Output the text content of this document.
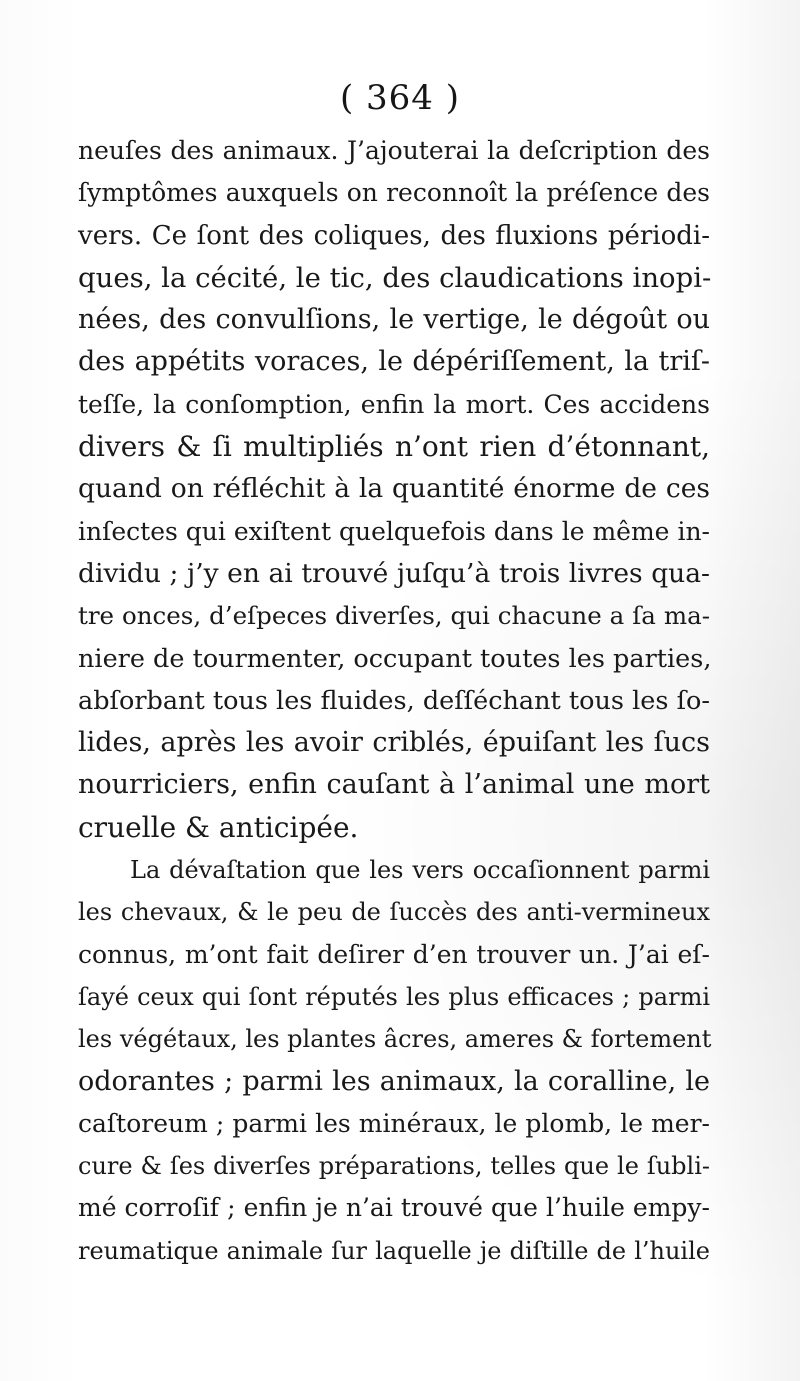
( 364 )
neuſes des animaux. J’ajouterai la deſcription des
ſymptômes auxquels on reconnoît la préſence des
vers. Ce ſont des coliques, des fluxions périodi-
ques, la cécité, le tic, des claudications inopi-
nées, des convulſions, le vertige, le dégoût ou
des appétits voraces, le dépériſſement, la triſ-
teſſe, la conſomption, enfin la mort. Ces accidens
divers & ſi multipliés n’ont rien d’étonnant,
quand on réfléchit à la quantité énorme de ces
inſectes qui exiſtent quelquefois dans le même in-
dividu ; j’y en ai trouvé juſqu’à trois livres qua-
tre onces, d’eſpeces diverſes, qui chacune a ſa ma-
niere de tourmenter, occupant toutes les parties,
abſorbant tous les fluides, deſſéchant tous les ſo-
lides, après les avoir criblés, épuiſant les ſucs
nourriciers, enfin cauſant à l’animal une mort
cruelle & anticipée.
La dévaſtation que les vers occaſionnent parmi
les chevaux, & le peu de ſuccès des anti-vermineux
connus, m’ont fait deſirer d’en trouver un. J’ai eſ-
ſayé ceux qui ſont réputés les plus efficaces ; parmi
les végétaux, les plantes âcres, ameres & fortement
odorantes ; parmi les animaux, la coralline, le
caſtoreum ; parmi les minéraux, le plomb, le mer-
cure & ſes diverſes préparations, telles que le ſubli-
mé corroſif ; enfin je n’ai trouvé que l’huile empy-
reumatique animale ſur laquelle je diſtille de l’huile
